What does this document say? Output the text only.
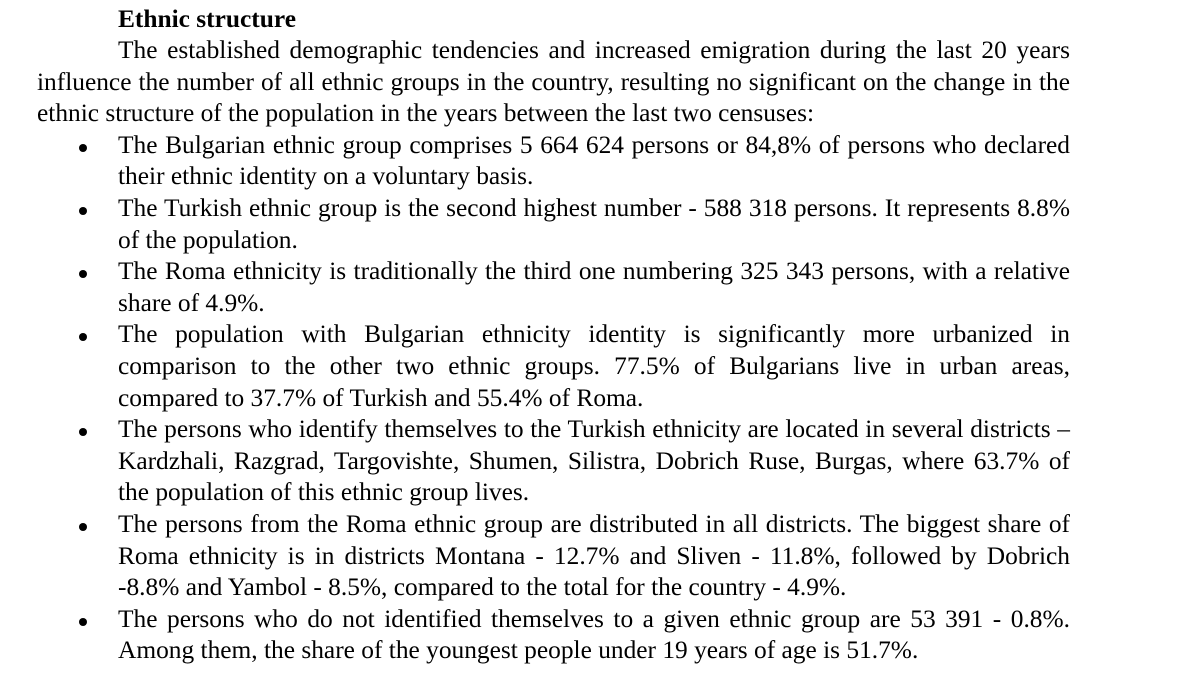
Ethnic structure

The established demographic tendencies and increased emigration during the last 20 years influence the number of all ethnic groups in the country, resulting no significant on the change in the ethnic structure of the population in the years between the last two censuses:

The Bulgarian ethnic group comprises 5 664 624 persons or 84,8% of persons who declared their ethnic identity on a voluntary basis.
The Turkish ethnic group is the second highest number - 588 318 persons. It represents 8.8% of the population.
The Roma ethnicity is traditionally the third one numbering 325 343 persons, with a relative share of 4.9%.
The population with Bulgarian ethnicity identity is significantly more urbanized in comparison to the other two ethnic groups. 77.5% of Bulgarians live in urban areas, compared to 37.7% of Turkish and 55.4% of Roma.
The persons who identify themselves to the Turkish ethnicity are located in several districts – Kardzhali, Razgrad, Targovishte, Shumen, Silistra, Dobrich Ruse, Burgas, where 63.7% of the population of this ethnic group lives.
The persons from the Roma ethnic group are distributed in all districts. The biggest share of Roma ethnicity is in districts Montana - 12.7% and Sliven - 11.8%, followed by Dobrich -8.8% and Yambol - 8.5%, compared to the total for the country - 4.9%.
The persons who do not identified themselves to a given ethnic group are 53 391 - 0.8%. Among them, the share of the youngest people under 19 years of age is 51.7%.
